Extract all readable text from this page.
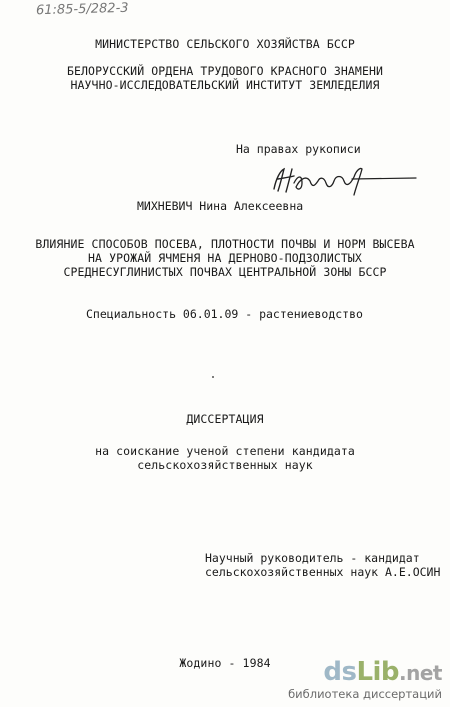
61:85-5/282-3
МИНИСТЕРСТВО СЕЛЬСКОГО ХОЗЯЙСТВА БССР
БЕЛОРУССКИЙ ОРДЕНА ТРУДОВОГО КРАСНОГО ЗНАМЕНИ
НАУЧНО-ИССЛЕДОВАТЕЛЬСКИЙ ИНСТИТУТ ЗЕМЛЕДЕЛИЯ
На правах рукописи
МИХНЕВИЧ Нина Алексеевна
ВЛИЯНИЕ СПОСОБОВ ПОСЕВА, ПЛОТНОСТИ ПОЧВЫ И НОРМ ВЫСЕВА
НА УРОЖАЙ ЯЧМЕНЯ НА ДЕРНОВО-ПОДЗОЛИСТЫХ
СРЕДНЕСУГЛИНИСТЫХ ПОЧВАХ ЦЕНТРАЛЬНОЙ ЗОНЫ БССР
Специальность 06.01.09 - растениеводство
ДИССЕРТАЦИЯ
на соискание ученой степени кандидата
сельскохозяйственных наук
Научный руководитель - кандидат
сельскохозяйственных наук А.Е.ОСИН
Жодино - 1984	dsLib.net
библиотека диссертаций
